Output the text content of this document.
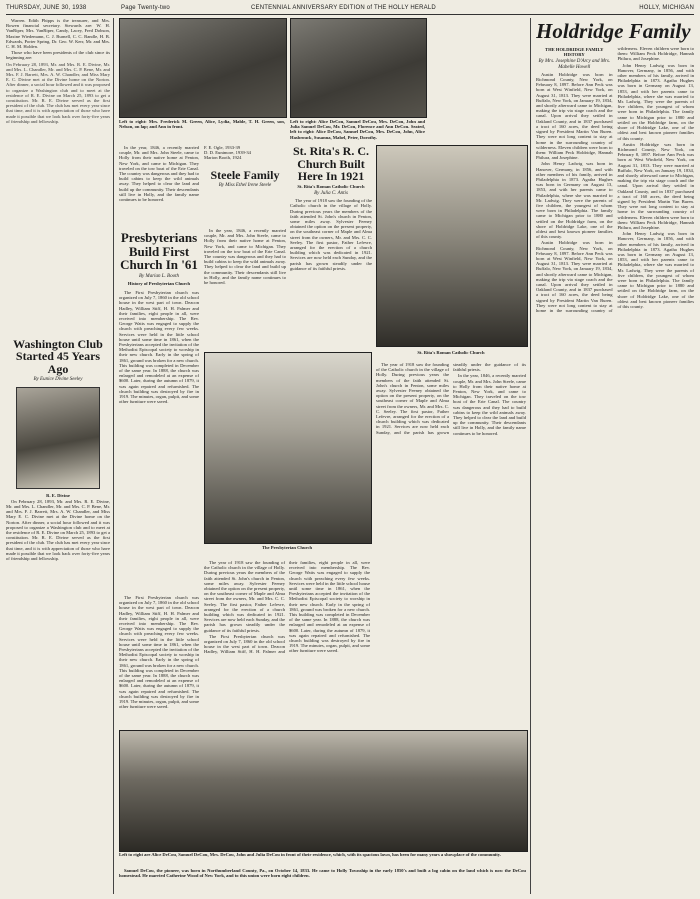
THURSDAY, JUNE 30, 1938	Page Twenty-two	CENTENNIAL ANNIVERSARY EDITION of THE HOLLY HERALD	HOLLY, MICHIGAN

Warren. Edith Phipps is the treasurer, and Mrs. Bowen financial secretary. Stewards are: W. H. VanRiper, Mrs. VanRiper, Candy, Lacey, Fred Dobson, Maxine Wiedemann, C. J. Burnell, C. C. Bandle, H. B. Edwards, Porter Spring, Dr. Geo. W. Kerr, Mr. and Mrs. C. H. M. Holden.

Those who have been presidents of the club since its beginning are:

On February 28, 1893, Mr. and Mrs. R. E. Divine, Mr. and Mrs. L. Chandler, Mr. and Mrs. C. P. Bene, Mr. and Mrs. F. J. Barrett, Mrs. A. W. Chandler, and Miss Mary E. C. Divine met at the Divine home on the Norton. After dinner, a social hour followed and it was proposed to organize a Washington club and to meet at the residence of R. E. Divine on March 25, 1893 to get a constitution. Mr. R. E. Divine served as the first president of the club. The club has met every year since that time, and it is with appreciation of those who have made it possible that we look back over forty-five years of friendship and fellowship.

Washington Club Started 45 Years Ago
By Eunice Divine Seeley
R. E. Divine

On February 28, 1893, Mr. and Mrs. R. E. Divine, Mr. and Mrs. L. Chandler, Mr. and Mrs. C. P. Bene, Mr. and Mrs. F. J. Barrett, Mrs. A. W. Chandler, and Miss Mary E. C. Divine met at the Divine home on the Norton. After dinner, a social hour followed and it was proposed to organize a Washington club and to meet at the residence of R. E. Divine on March 25, 1893 to get a constitution. Mr. R. E. Divine served as the first president of the club. The club has met every year since that time, and it is with appreciation of those who have made it possible that we look back over forty-five years of friendship and fellowship.

Left to right: Mrs. Frederick M. Green, Alice, Lydia, Mable, T. H. Green, son, Nelson, on lap; and Ann in front.

In the year, 1846, a recently married couple, Mr. and Mrs. John Steele, came to Holly from their native home at Fenton, New York, and came to Michigan. They traveled on the tow boat of the Erie Canal. The country was dangerous and they had to build cabins to keep the wild animals away. They helped to clear the land and build up the community. Their descendants still live in Holly, and the family name continues to be honored.

F. E. Ogle, 1933-39

D. D. Eunimore, 1939-34

Marion Booth, 1924

Steele Family
By Miss Ethel Irene Steele

In the year, 1846, a recently married couple, Mr. and Mrs. John Steele, came to Holly from their native home at Fenton, New York, and came to Michigan. They traveled on the tow boat of the Erie Canal. The country was dangerous and they had to build cabins to keep the wild animals away. They helped to clear the land and build up the community. Their descendants still live in Holly, and the family name continues to be honored.

Presbyterians Build First Church In '61
By Marian L. Booth
History of Presbyterian Church

The First Presbyterian church was organized on July 7, 1860 in the old school house in the west part of town. Deacon Hadley, William Stiff, H. H. Palmer and their families, eight people in all, were received into membership. The Rev. George Watts was engaged to supply the church with preaching every few weeks. Services were held in the little school house until some time in 1861, when the Presbyterians accepted the invitation of the Methodist Episcopal society to worship in their new church. Early in the spring of 1861, ground was broken for a new church. This building was completed in December of the same year. In 1888, the church was enlarged and remodeled at an expense of $600. Later, during the autumn of 1879, it was again repaired and refurnished. The church building was destroyed by fire in 1919. The minutes, organ, pulpit, and some other furniture were saved.

The Presbyterian Church
St. Rita's R. C. Church Built Here In 1921
St. Rita's Roman Catholic Church
By Julia C. Antis

The year of 1918 saw the founding of the Catholic church in the village of Holly. During previous years the members of the faith attended St. John's church in Fenton, some miles away. Sylvester Feeney obtained the option on the present property, on the southeast corner of Maple and Alma street from the owners, Mr. and Mrs. C. C. Seeley. The first pastor, Father Lefevre, arranged for the erection of a church building which was dedicated in 1921. Services are now held each Sunday, and the parish has grown steadily under the guidance of its faithful priests.

Left to right: Alice DeCou, Samuel DeCou, Mrs. DeCou, John and Julia Samuel DeCou, Mr. DeCou, Florence and Ann DeCou. Seated, left to right: Alice DeCou, Samuel DeCou, Mrs. DeCou, John, Alice Hasbrouck, Susanna, Mabel, Peter, Dorothy.
St. Rita's Roman Catholic Church

The First Presbyterian church was organized on July 7, 1860 in the old school house in the west part of town. Deacon Hadley, William Stiff, H. H. Palmer and their families, eight people in all, were received into membership. The Rev. George Watts was engaged to supply the church with preaching every few weeks. Services were held in the little school house until some time in 1861, when the Presbyterians accepted the invitation of the Methodist Episcopal society to worship in their new church. Early in the spring of 1861, ground was broken for a new church. This building was completed in December of the same year. In 1888, the church was enlarged and remodeled at an expense of $600. Later, during the autumn of 1879, it was again repaired and refurnished. The church building was destroyed by fire in 1919. The minutes, organ, pulpit, and some other furniture were saved.

The year of 1918 saw the founding of the Catholic church in the village of Holly. During previous years the members of the faith attended St. John's church in Fenton, some miles away. Sylvester Feeney obtained the option on the present property, on the southeast corner of Maple and Alma street from the owners, Mr. and Mrs. C. C. Seeley. The first pastor, Father Lefevre, arranged for the erection of a church building which was dedicated in 1921. Services are now held each Sunday, and the parish has grown steadily under the guidance of its faithful priests.

The First Presbyterian church was organized on July 7, 1860 in the old school house in the west part of town. Deacon Hadley, William Stiff, H. H. Palmer and their families, eight people in all, were received into membership. The Rev. George Watts was engaged to supply the church with preaching every few weeks. Services were held in the little school house until some time in 1861, when the Presbyterians accepted the invitation of the Methodist Episcopal society to worship in their new church. Early in the spring of 1861, ground was broken for a new church. This building was completed in December of the same year. In 1888, the church was enlarged and remodeled at an expense of $600. Later, during the autumn of 1879, it was again repaired and refurnished. The church building was destroyed by fire in 1919. The minutes, organ, pulpit, and some other furniture were saved.

The year of 1918 saw the founding of the Catholic church in the village of Holly. During previous years the members of the faith attended St. John's church in Fenton, some miles away. Sylvester Feeney obtained the option on the present property, on the southeast corner of Maple and Alma street from the owners, Mr. and Mrs. C. C. Seeley. The first pastor, Father Lefevre, arranged for the erection of a church building which was dedicated in 1921. Services are now held each Sunday, and the parish has grown steadily under the guidance of its faithful priests.

In the year, 1846, a recently married couple, Mr. and Mrs. John Steele, came to Holly from their native home at Fenton, New York, and came to Michigan. They traveled on the tow boat of the Erie Canal. The country was dangerous and they had to build cabins to keep the wild animals away. They helped to clear the land and build up the community. Their descendants still live in Holly, and the family name continues to be honored.

Left to right are Alice DeCou, Samuel DeCou, Mrs. DeCou, John and Julia DeCou in front of their residence, which, with its spacious lawn, has been for many years a showplace of the community.

Samuel DeCou, the pioneer, was born in Northumberland County, Pa., on October 14, 1833. He came to Holly Township in the early 1850's and built a log cabin on the land which is now the DeCou homestead. He married Catherine Wood of New York, and to this union were born eight children.

Holdridge Family
THE HOLDRIDGE FAMILY HISTORY
By Mrs. Josephine D'Arcy and Mrs. Mabelle Howell

Austin Holdridge was born in Richmond County, New York, on February 8, 1897. Before Ann Peck was born at West Winfield, New York, on August 31, 1813. They were married at Buffalo, New York, on January 19, 1834, and shortly afterward came to Michigan, making the trip via stage coach and the canal. Upon arrival they settled in Oakland County, and in 1837 purchased a tract of 160 acres, the deed being signed by President Martin Van Buren. They were not long content to stay at home in the surrounding country of wilderness. Eleven children were born to them: William Peck Holdridge, Hannah Philura, and Josephine.

John Henry Ladwig was born in Hanover, Germany, in 1856, and with other members of his family, arrived in Philadelphia in 1873. Agatha Hughes was born in Germany on August 13, 1853, and with her parents came to Philadelphia, where she was married to Mr. Ladwig. They were the parents of five children, the youngest of whom were born in Philadelphia. The family came to Michigan prior to 1880 and settled on the Holdridge farm, on the shore of Holdridge Lake, one of the oldest and best known pioneer families of this county.

Austin Holdridge was born in Richmond County, New York, on February 8, 1897. Before Ann Peck was born at West Winfield, New York, on August 31, 1813. They were married at Buffalo, New York, on January 19, 1834, and shortly afterward came to Michigan, making the trip via stage coach and the canal. Upon arrival they settled in Oakland County, and in 1837 purchased a tract of 160 acres, the deed being signed by President Martin Van Buren. They were not long content to stay at home in the surrounding country of wilderness. Eleven children were born to them: William Peck Holdridge, Hannah Philura, and Josephine.

John Henry Ladwig was born in Hanover, Germany, in 1856, and with other members of his family, arrived in Philadelphia in 1873. Agatha Hughes was born in Germany on August 13, 1853, and with her parents came to Philadelphia, where she was married to Mr. Ladwig. They were the parents of five children, the youngest of whom were born in Philadelphia. The family came to Michigan prior to 1880 and settled on the Holdridge farm, on the shore of Holdridge Lake, one of the oldest and best known pioneer families of this county.

Austin Holdridge was born in Richmond County, New York, on February 8, 1897. Before Ann Peck was born at West Winfield, New York, on August 31, 1813. They were married at Buffalo, New York, on January 19, 1834, and shortly afterward came to Michigan, making the trip via stage coach and the canal. Upon arrival they settled in Oakland County, and in 1837 purchased a tract of 160 acres, the deed being signed by President Martin Van Buren. They were not long content to stay at home in the surrounding country of wilderness. Eleven children were born to them: William Peck Holdridge, Hannah Philura, and Josephine.

John Henry Ladwig was born in Hanover, Germany, in 1856, and with other members of his family, arrived in Philadelphia in 1873. Agatha Hughes was born in Germany on August 13, 1853, and with her parents came to Philadelphia, where she was married to Mr. Ladwig. They were the parents of five children, the youngest of whom were born in Philadelphia. The family came to Michigan prior to 1880 and settled on the Holdridge farm, on the shore of Holdridge Lake, one of the oldest and best known pioneer families of this county.
